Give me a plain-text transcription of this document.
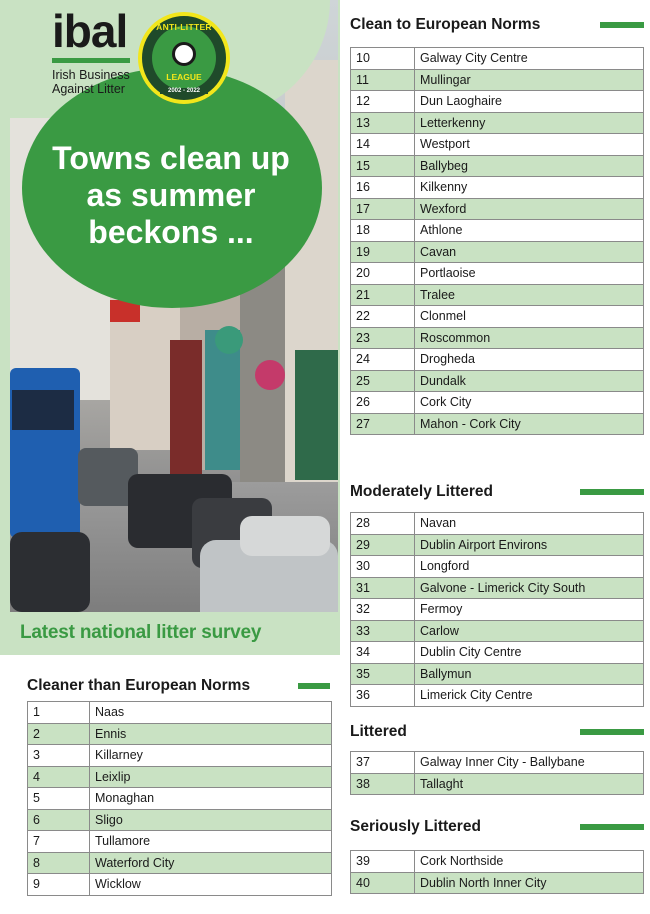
ibal
Irish Business
Against Litter
ANTI-LITTER
LEAGUE
2002 - 2022
Towns clean up as summer beckons ...
Latest national litter survey
Cleaner than European Norms
1	Naas
2	Ennis
3	Killarney
4	Leixlip
5	Monaghan
6	Sligo
7	Tullamore
8	Waterford City
9	Wicklow
Clean to European Norms
10	Galway City Centre
11	Mullingar
12	Dun Laoghaire
13	Letterkenny
14	Westport
15	Ballybeg
16	Kilkenny
17	Wexford
18	Athlone
19	Cavan
20	Portlaoise
21	Tralee
22	Clonmel
23	Roscommon
24	Drogheda
25	Dundalk
26	Cork City
27	Mahon - Cork City
Moderately Littered
28	Navan
29	Dublin Airport Environs
30	Longford
31	Galvone - Limerick City South
32	Fermoy
33	Carlow
34	Dublin City Centre
35	Ballymun
36	Limerick City Centre
Littered
37	Galway Inner City - Ballybane
38	Tallaght
Seriously Littered
39	Cork Northside
40	Dublin North Inner City
